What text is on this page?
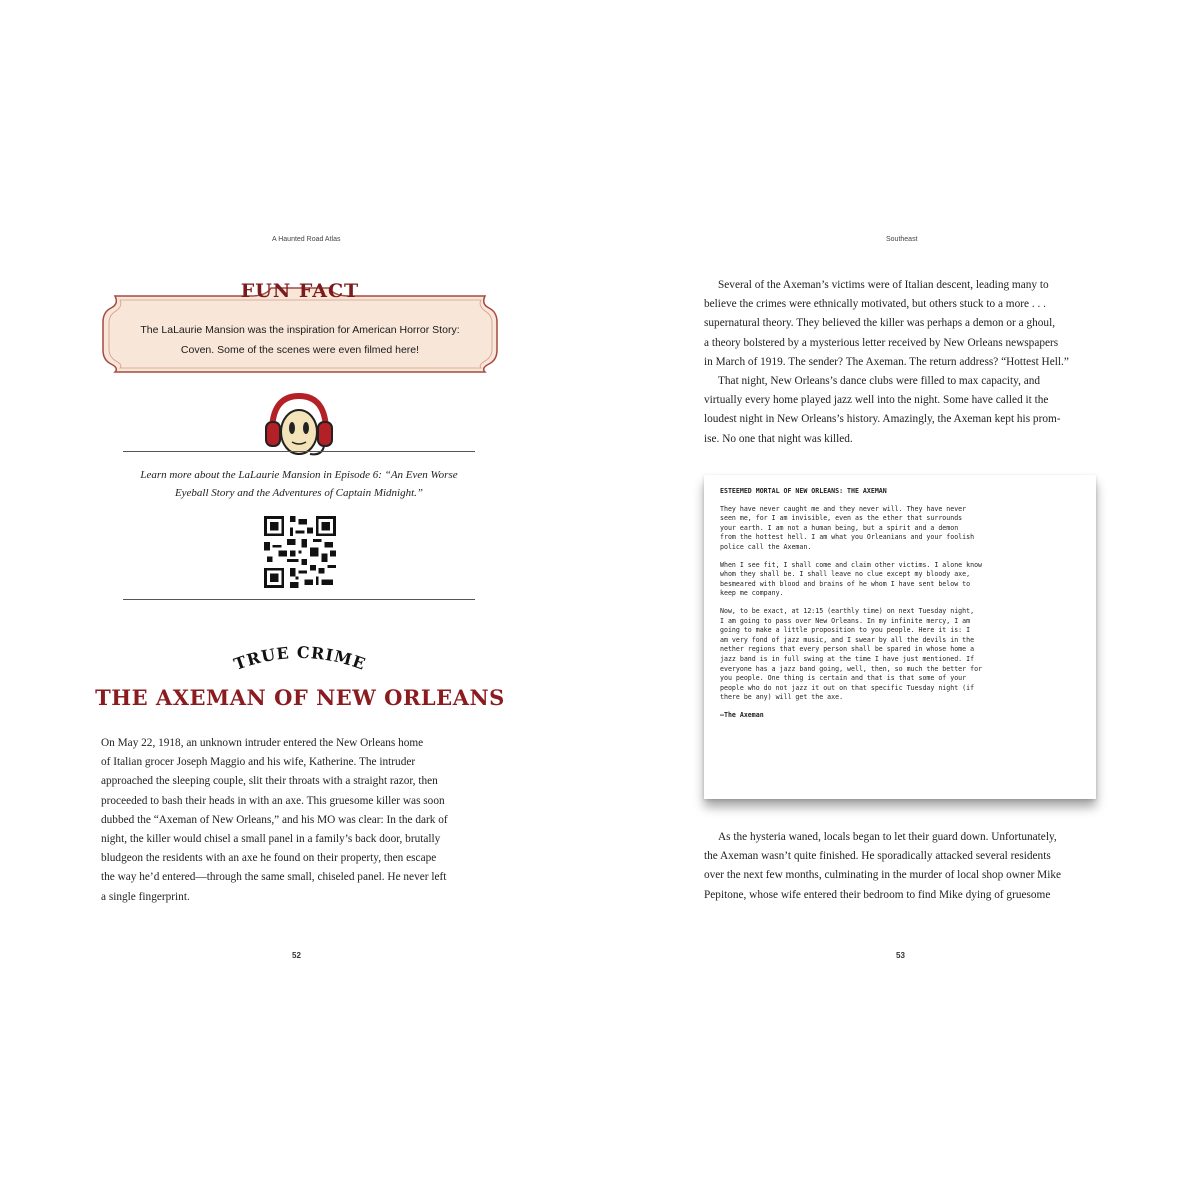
A Haunted Road Atlas
FUN FACT
The LaLaurie Mansion was the inspiration for American Horror Story:
Coven. Some of the scenes were even filmed here!
Learn more about the LaLaurie Mansion in Episode 6: “An Even Worse
Eyeball Story and the Adventures of Captain Midnight.”
TRUE CRIME
THE AXEMAN OF NEW ORLEANS
On May 22, 1918, an unknown intruder entered the New Orleans home
of Italian grocer Joseph Maggio and his wife, Katherine. The intruder
approached the sleeping couple, slit their throats with a straight razor, then
proceeded to bash their heads in with an axe. This gruesome killer was soon
dubbed the “Axeman of New Orleans,” and his MO was clear: In the dark of
night, the killer would chisel a small panel in a family’s back door, brutally
bludgeon the residents with an axe he found on their property, then escape
the way he’d entered—through the same small, chiseled panel. He never left
a single fingerprint.
52
Southeast
Several of the Axeman’s victims were of Italian descent, leading many to
believe the crimes were ethnically motivated, but others stuck to a more . . .
supernatural theory. They believed the killer was perhaps a demon or a ghoul,
a theory bolstered by a mysterious letter received by New Orleans newspapers
in March of 1919. The sender? The Axeman. The return address? “Hottest Hell.”
That night, New Orleans’s dance clubs were filled to max capacity, and
virtually every home played jazz well into the night. Some have called it the
loudest night in New Orleans’s history. Amazingly, the Axeman kept his prom-
ise. No one that night was killed.
ESTEEMED MORTAL OF NEW ORLEANS: THE AXEMAN

They have never caught me and they never will. They have never
seen me, for I am invisible, even as the ether that surrounds
your earth. I am not a human being, but a spirit and a demon
from the hottest hell. I am what you Orleanians and your foolish
police call the Axeman.

When I see fit, I shall come and claim other victims. I alone know
whom they shall be. I shall leave no clue except my bloody axe,
besmeared with blood and brains of he whom I have sent below to
keep me company.

Now, to be exact, at 12:15 (earthly time) on next Tuesday night,
I am going to pass over New Orleans. In my infinite mercy, I am
going to make a little proposition to you people. Here it is: I
am very fond of jazz music, and I swear by all the devils in the
nether regions that every person shall be spared in whose home a
jazz band is in full swing at the time I have just mentioned. If
everyone has a jazz band going, well, then, so much the better for
you people. One thing is certain and that is that some of your
people who do not jazz it out on that specific Tuesday night (if
there be any) will get the axe.

—The Axeman
As the hysteria waned, locals began to let their guard down. Unfortunately,
the Axeman wasn’t quite finished. He sporadically attacked several residents
over the next few months, culminating in the murder of local shop owner Mike
Pepitone, whose wife entered their bedroom to find Mike dying of gruesome
53
